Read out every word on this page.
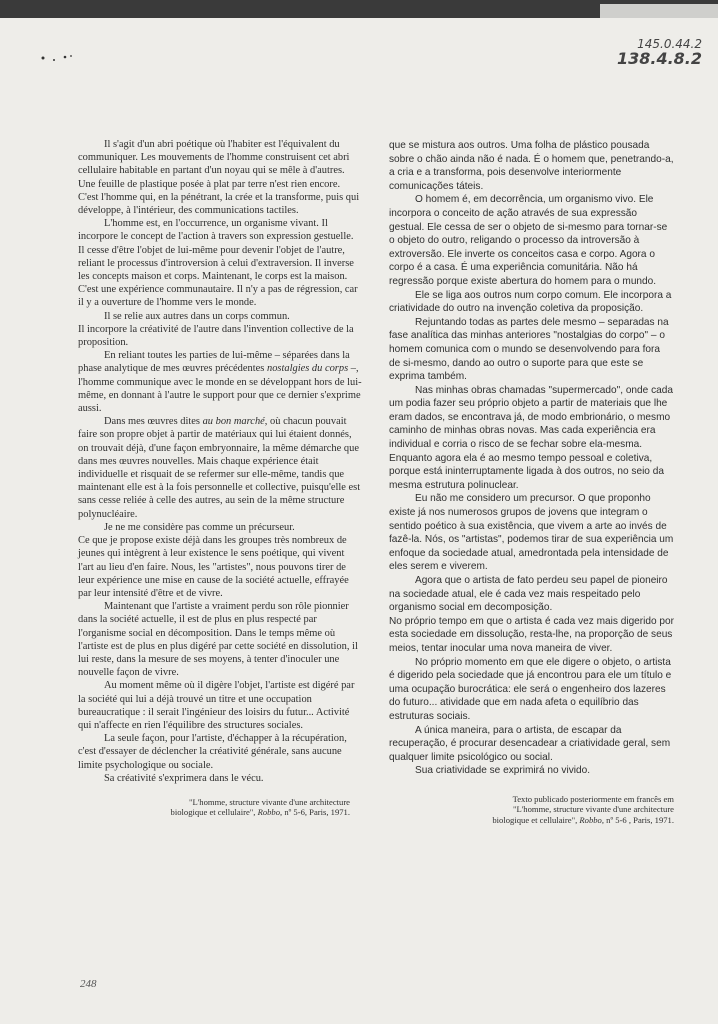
145.0.44.2
138.4.8.2

Il s'agit d'un abri poétique où l'habiter est l'équivalent du communiquer. Les mouvements de l'homme construisent cet abri cellulaire habitable en partant d'un noyau qui se mêle à d'autres. Une feuille de plastique posée à plat par terre n'est rien encore. C'est l'homme qui, en la pénétrant, la crée et la transforme, puis qui développe, à l'intérieur, des communications tactiles.

L'homme est, en l'occurrence, un organisme vivant. Il incorpore le concept de l'action à travers son expression gestuelle. Il cesse d'être l'objet de lui-même pour devenir l'objet de l'autre, reliant le processus d'introversion à celui d'extraversion. Il inverse les concepts maison et corps. Maintenant, le corps est la maison. C'est une expérience communautaire. Il n'y a pas de régression, car il y a ouverture de l'homme vers le monde.

Il se relie aux autres dans un corps commun.

Il incorpore la créativité de l'autre dans l'invention collective de la proposition.

En reliant toutes les parties de lui-même – séparées dans la phase analytique de mes œuvres précédentes nostalgies du corps –, l'homme communique avec le monde en se développant hors de lui-même, en donnant à l'autre le support pour que ce dernier s'exprime aussi.

Dans mes œuvres dites au bon marché, où chacun pouvait faire son propre objet à partir de matériaux qui lui étaient donnés, on trouvait déjà, d'une façon embryonnaire, la même démarche que dans mes œuvres nouvelles. Mais chaque expérience était individuelle et risquait de se refermer sur elle-même, tandis que maintenant elle est à la fois personnelle et collective, puisqu'elle est sans cesse reliée à celle des autres, au sein de la même structure polynucléaire.

Je ne me considère pas comme un précurseur.

Ce que je propose existe déjà dans les groupes très nombreux de jeunes qui intègrent à leur existence le sens poétique, qui vivent l'art au lieu d'en faire. Nous, les "artistes", nous pouvons tirer de leur expérience une mise en cause de la société actuelle, effrayée par leur intensité d'être et de vivre.

Maintenant que l'artiste a vraiment perdu son rôle pionnier dans la société actuelle, il est de plus en plus respecté par l'organisme social en décomposition. Dans le temps même où l'artiste est de plus en plus digéré par cette société en dissolution, il lui reste, dans la mesure de ses moyens, à tenter d'inoculer une nouvelle façon de vivre.

Au moment même où il digère l'objet, l'artiste est digéré par la société qui lui a déjà trouvé un titre et une occupation bureaucratique : il serait l'ingénieur des loisirs du futur... Activité qui n'affecte en rien l'équilibre des structures sociales.

La seule façon, pour l'artiste, d'échapper à la récupération, c'est d'essayer de déclencher la créativité générale, sans aucune limite psychologique ou sociale.

Sa créativité s'exprimera dans le vécu.

"L'homme, structure vivante d'une architecture
biologique et cellulaire", Robbo, nº 5-6, Paris, 1971.

que se mistura aos outros. Uma folha de plástico pousada sobre o chão ainda não é nada. É o homem que, penetrando-a, a cria e a transforma, pois desenvolve interiormente comunicações táteis.

O homem é, em decorrência, um organismo vivo. Ele incorpora o conceito de ação através de sua expressão gestual. Ele cessa de ser o objeto de si-mesmo para tornar-se o objeto do outro, religando o processo da introversão à extroversão. Ele inverte os conceitos casa e corpo. Agora o corpo é a casa. É uma experiência comunitária. Não há regressão porque existe abertura do homem para o mundo.

Ele se liga aos outros num corpo comum. Ele incorpora a criatividade do outro na invenção coletiva da proposição.

Rejuntando todas as partes dele mesmo – separadas na fase analítica das minhas anteriores "nostalgias do corpo" – o homem comunica com o mundo se desenvolvendo para fora de si-mesmo, dando ao outro o suporte para que este se exprima também.

Nas minhas obras chamadas "supermercado", onde cada um podia fazer seu próprio objeto a partir de materiais que lhe eram dados, se encontrava já, de modo embrionário, o mesmo caminho de minhas obras novas. Mas cada experiência era individual e corria o risco de se fechar sobre ela-mesma. Enquanto agora ela é ao mesmo tempo pessoal e coletiva, porque está ininterruptamente ligada à dos outros, no seio da mesma estrutura polinuclear.

Eu não me considero um precursor. O que proponho existe já nos numerosos grupos de jovens que integram o sentido poético à sua existência, que vivem a arte ao invés de fazê-la. Nós, os "artistas", podemos tirar de sua experiência um enfoque da sociedade atual, amedrontada pela intensidade de eles serem e viverem.

Agora que o artista de fato perdeu seu papel de pioneiro na sociedade atual, ele é cada vez mais respeitado pelo organismo social em decomposição.

No próprio tempo em que o artista é cada vez mais digerido por esta sociedade em dissolução, resta-lhe, na proporção de seus meios, tentar inocular uma nova maneira de viver.

No próprio momento em que ele digere o objeto, o artista é digerido pela sociedade que já encontrou para ele um título e uma ocupação burocrática: ele será o engenheiro dos lazeres do futuro... atividade que em nada afeta o equilíbrio das estruturas sociais.

A única maneira, para o artista, de escapar da recuperação, é procurar desencadear a criatividade geral, sem qualquer limite psicológico ou social.

Sua criatividade se exprimirá no vivido.

Texto publicado posteriormente em francês em
"L'homme, structure vivante d'une architecture
biologique et cellulaire", Robbo, nº 5-6 , Paris, 1971.
248
